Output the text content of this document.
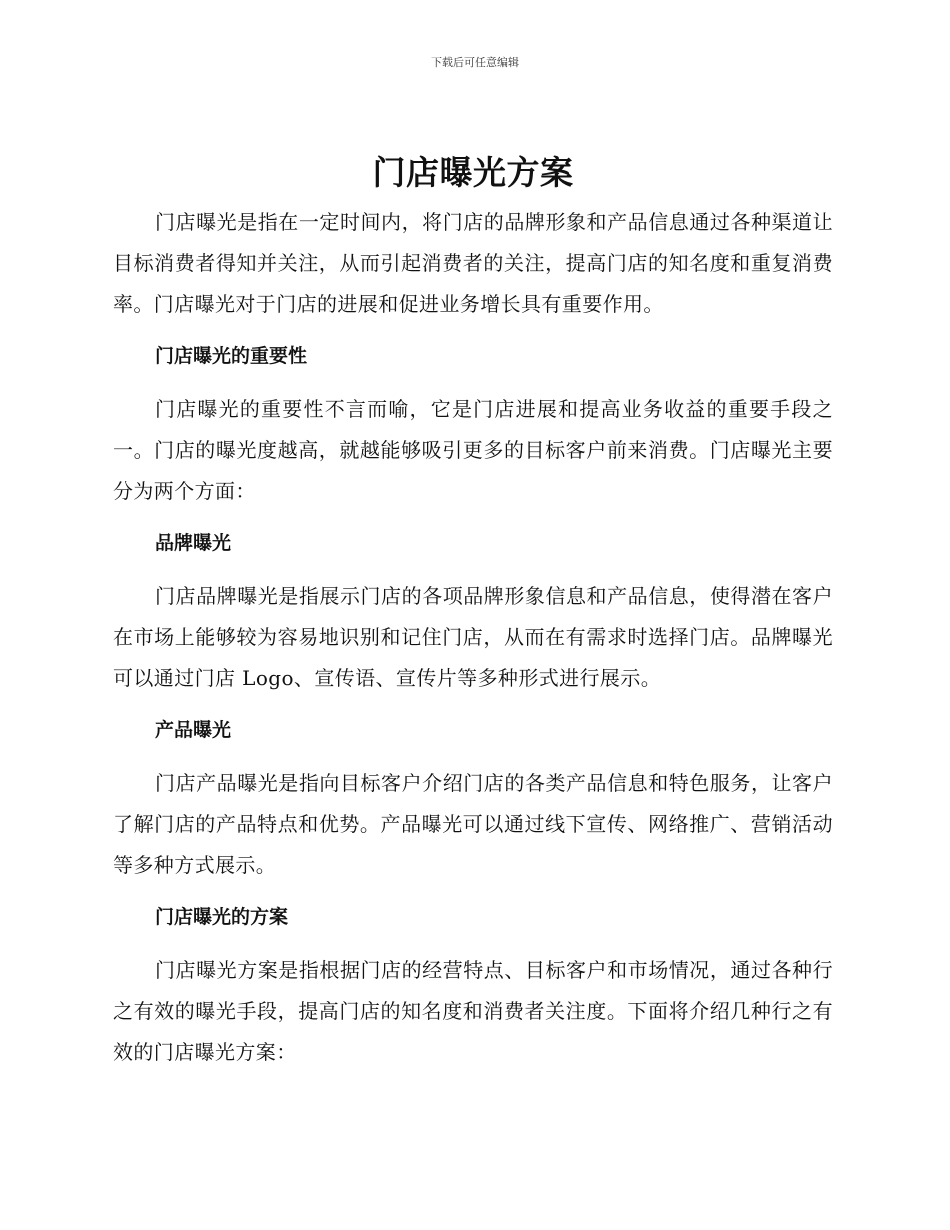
下载后可任意编辑
门店曝光方案

门店曝光是指在一定时间内，将门店的品牌形象和产品信息通过各种渠道让目标消费者得知并关注，从而引起消费者的关注，提高门店的知名度和重复消费率。门店曝光对于门店的进展和促进业务增长具有重要作用。

门店曝光的重要性

门店曝光的重要性不言而喻，它是门店进展和提高业务收益的重要手段之一。门店的曝光度越高，就越能够吸引更多的目标客户前来消费。门店曝光主要分为两个方面：

品牌曝光

门店品牌曝光是指展示门店的各项品牌形象信息和产品信息，使得潜在客户在市场上能够较为容易地识别和记住门店，从而在有需求时选择门店。品牌曝光可以通过门店 Logo、宣传语、宣传片等多种形式进行展示。

产品曝光

门店产品曝光是指向目标客户介绍门店的各类产品信息和特色服务，让客户了解门店的产品特点和优势。产品曝光可以通过线下宣传、网络推广、营销活动等多种方式展示。

门店曝光的方案

门店曝光方案是指根据门店的经营特点、目标客户和市场情况，通过各种行之有效的曝光手段，提高门店的知名度和消费者关注度。下面将介绍几种行之有效的门店曝光方案：
